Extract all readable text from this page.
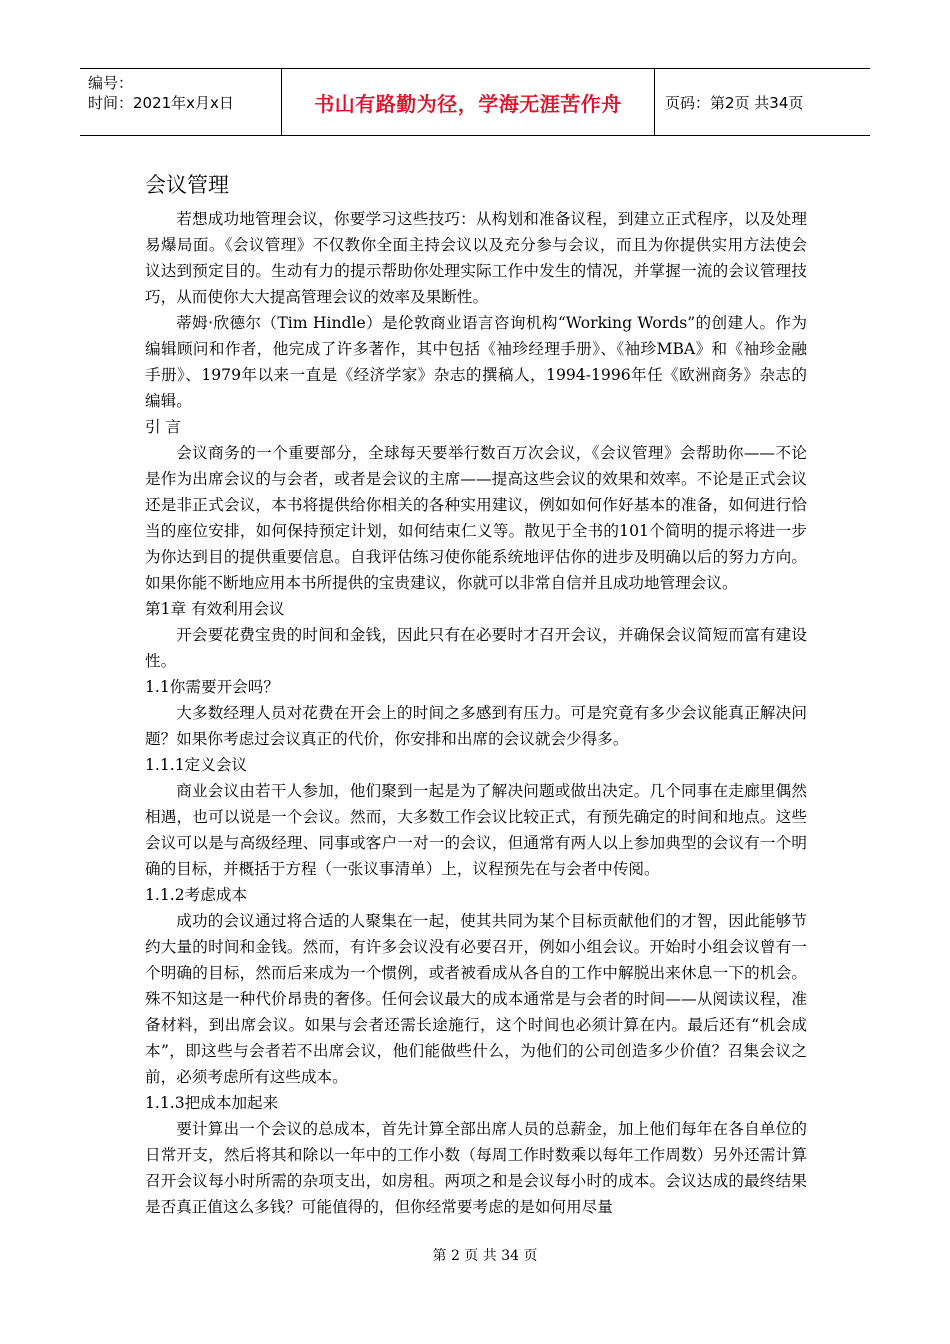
编号：
时间：2021年x月x日	书山有路勤为径，学海无涯苦作舟	页码：第2页 共34页
会议管理
若想成功地管理会议，你要学习这些技巧：从构划和准备议程，到建立正式程序，以及处理易爆局面。《会议管理》不仅教你全面主持会议以及充分参与会议，而且为你提供实用方法使会议达到预定目的。生动有力的提示帮助你处理实际工作中发生的情况，并掌握一流的会议管理技巧，从而使你大大提高管理会议的效率及果断性。
蒂姆·欣德尔（Tim Hindle）是伦敦商业语言咨询机构“Working Words”的创建人。作为编辑顾问和作者，他完成了许多著作，其中包括《袖珍经理手册》、《袖珍MBA》和《袖珍金融手册》、1979年以来一直是《经济学家》杂志的撰稿人，1994-1996年任《欧洲商务》杂志的编辑。
引 言
会议商务的一个重要部分，全球每天要举行数百万次会议，《会议管理》会帮助你——不论是作为出席会议的与会者，或者是会议的主席——提高这些会议的效果和效率。不论是正式会议还是非正式会议，本书将提供给你相关的各种实用建议，例如如何作好基本的准备，如何进行恰当的座位安排，如何保持预定计划，如何结束仁义等。散见于全书的101个简明的提示将进一步为你达到目的提供重要信息。自我评估练习使你能系统地评估你的进步及明确以后的努力方向。如果你能不断地应用本书所提供的宝贵建议，你就可以非常自信并且成功地管理会议。
第1章 有效利用会议
开会要花费宝贵的时间和金钱，因此只有在必要时才召开会议，并确保会议简短而富有建设性。
1.1你需要开会吗？
大多数经理人员对花费在开会上的时间之多感到有压力。可是究竟有多少会议能真正解决问题？如果你考虑过会议真正的代价，你安排和出席的会议就会少得多。
1.1.1定义会议
商业会议由若干人参加，他们聚到一起是为了解决问题或做出决定。几个同事在走廊里偶然相遇，也可以说是一个会议。然而，大多数工作会议比较正式，有预先确定的时间和地点。这些会议可以是与高级经理、同事或客户一对一的会议，但通常有两人以上参加典型的会议有一个明确的目标，并概括于方程（一张议事清单）上，议程预先在与会者中传阅。
1.1.2考虑成本
成功的会议通过将合适的人聚集在一起，使其共同为某个目标贡献他们的才智，因此能够节约大量的时间和金钱。然而，有许多会议没有必要召开，例如小组会议。开始时小组会议曾有一个明确的目标，然而后来成为一个惯例，或者被看成从各自的工作中解脱出来休息一下的机会。殊不知这是一种代价昂贵的奢侈。任何会议最大的成本通常是与会者的时间——从阅读议程，准备材料，到出席会议。如果与会者还需长途施行，这个时间也必须计算在内。最后还有“机会成本”，即这些与会者若不出席会议，他们能做些什么，为他们的公司创造多少价值？召集会议之前，必须考虑所有这些成本。
1.1.3把成本加起来
要计算出一个会议的总成本，首先计算全部出席人员的总薪金，加上他们每年在各自单位的日常开支，然后将其和除以一年中的工作小数（每周工作时数乘以每年工作周数）另外还需计算召开会议每小时所需的杂项支出，如房租。两项之和是会议每小时的成本。会议达成的最终结果是否真正值这么多钱？可能值得的，但你经常要考虑的是如何用尽量
第 2 页 共 34 页
